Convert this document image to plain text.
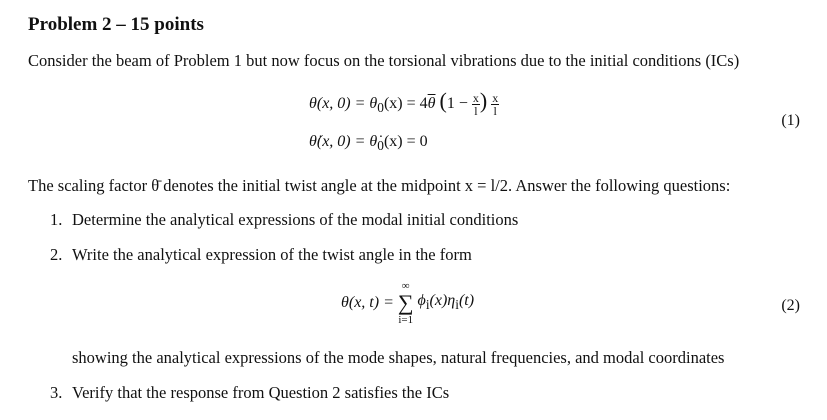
Problem 2 – 15 points
Consider the beam of Problem 1 but now focus on the torsional vibrations due to the initial conditions (ICs)
θ(x, $0) = \theta_0(x) = 4\overline{\theta}$ ($1 - \frac{x}{l}$ ) $\frac{x}{l}$
θ̇(x, $0) = \thetȧ_0(x) = 0$
(1)
The scaling factor θ̄ denotes the initial twist angle at the midpoint x = l/2. Answer the following questions:
1. Determine the analytical expressions of the modal initial conditions
2. Write the analytical expression of the twist angle in the form
θ(x, t) =
∞
∑
i=1
$\phi_i(x)\eta_i(t)$	(2)
showing the analytical expressions of the mode shapes, natural frequencies, and modal coordinates
3. Verify that the response from Question 2 satisfies the ICs
